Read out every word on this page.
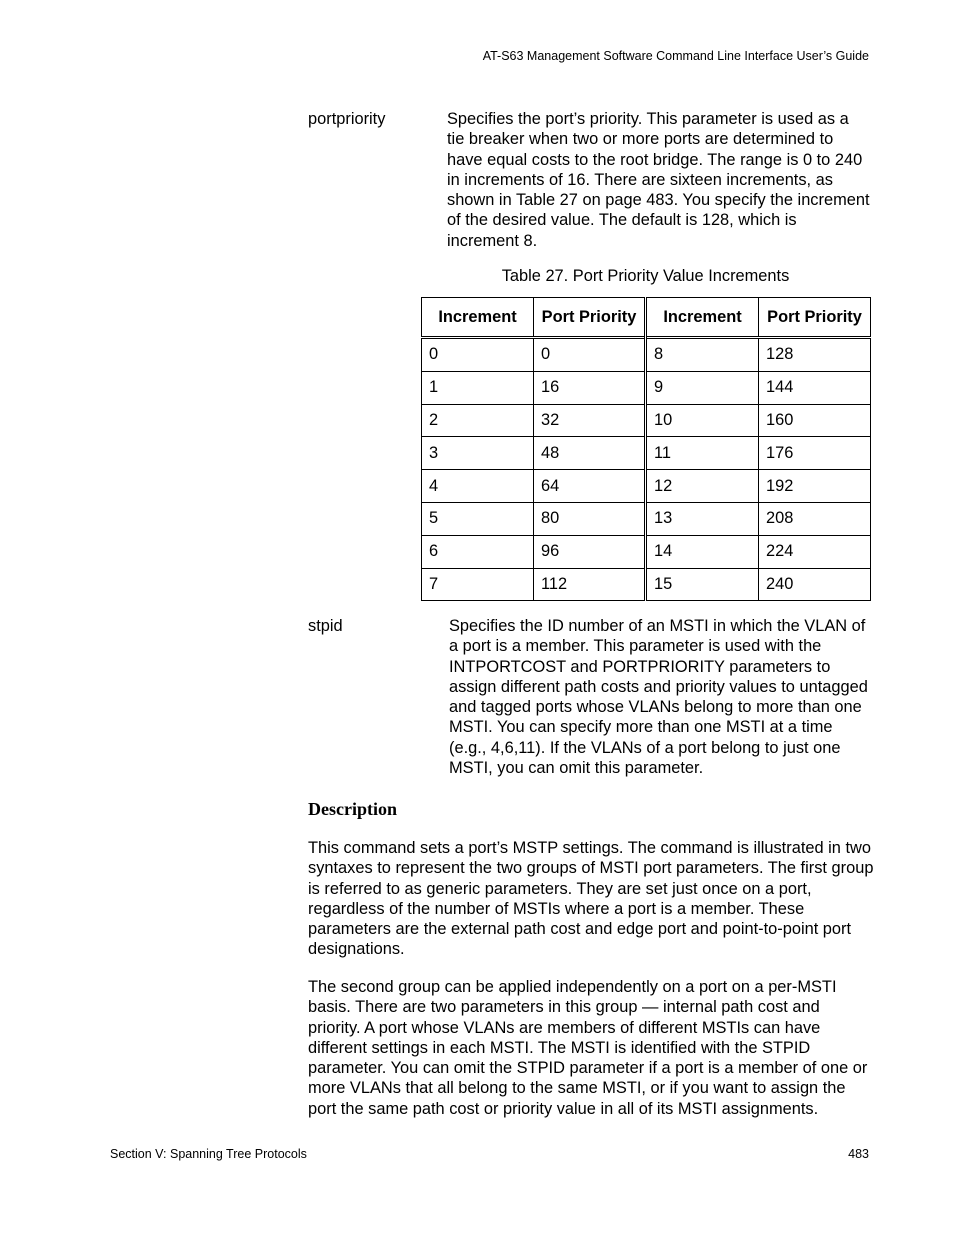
AT-S63 Management Software Command Line Interface User’s Guide
portpriority	Specifies the port’s priority. This parameter is used as a tie breaker when two or more ports are determined to have equal costs to the root bridge. The range is 0 to 240 in increments of 16. There are sixteen increments, as shown in Table 27 on page 483. You specify the increment of the desired value. The default is 128, which is increment 8.
Table 27. Port Priority Value Increments
Increment	Port Priority	Increment	Port Priority
0	0	8	128
1	16	9	144
2	32	10	160
3	48	11	176
4	64	12	192
5	80	13	208
6	96	14	224
7	112	15	240
stpid	Specifies the ID number of an MSTI in which the VLAN of a port is a member. This parameter is used with the INTPORTCOST and PORTPRIORITY parameters to assign different path costs and priority values to untagged and tagged ports whose VLANs belong to more than one MSTI. You can specify more than one MSTI at a time (e.g., 4,6,11). If the VLANs of a port belong to just one MSTI, you can omit this parameter.
Description
This command sets a port’s MSTP settings. The command is illustrated in two syntaxes to represent the two groups of MSTI port parameters. The first group is referred to as generic parameters. They are set just once on a port, regardless of the number of MSTIs where a port is a member. These parameters are the external path cost and edge port and point-to-point port designations.
The second group can be applied independently on a port on a per-MSTI basis. There are two parameters in this group — internal path cost and priority. A port whose VLANs are members of different MSTIs can have different settings in each MSTI. The MSTI is identified with the STPID parameter. You can omit the STPID parameter if a port is a member of one or more VLANs that all belong to the same MSTI, or if you want to assign the port the same path cost or priority value in all of its MSTI assignments.
Section V: Spanning Tree Protocols	483
